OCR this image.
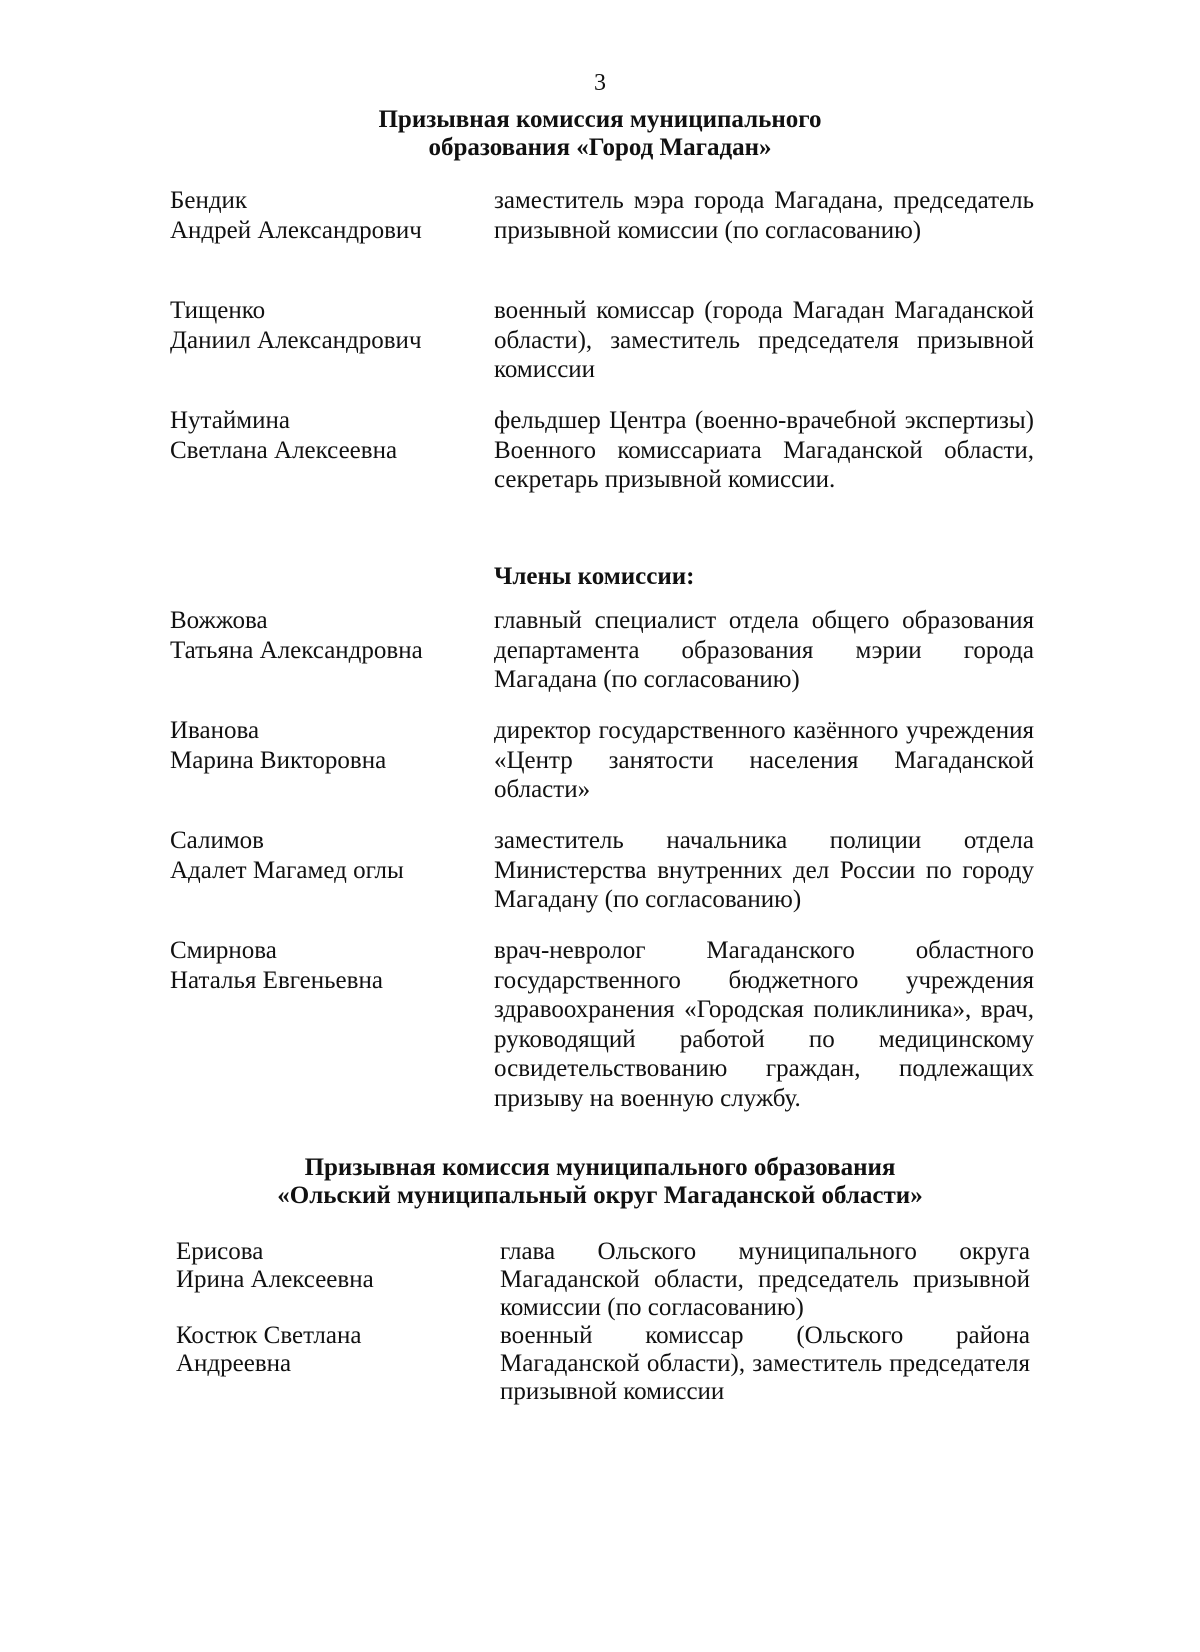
3
Призывная комиссия муниципального
образования «Город Магадан»
Бендик
Андрей Александрович
заместитель мэра города Магадана, председатель призывной комиссии (по согласованию)
Тищенко
Даниил Александрович
военный комиссар (города Магадан Магаданской области), заместитель председателя призывной комиссии
Нутаймина
Светлана Алексеевна
фельдшер Центра (военно-врачебной экспертизы) Военного комиссариата Магаданской области, секретарь призывной комиссии.
Члены комиссии:
Вожжова
Татьяна Александровна
главный специалист отдела общего образования департамента образования мэрии города Магадана (по согласованию)
Иванова
Марина Викторовна
директор государственного казённого учреждения «Центр занятости населения Магаданской области»
Салимов
Адалет Магамед оглы
заместитель начальника полиции отдела Министерства внутренних дел России по городу Магадану (по согласованию)
Смирнова
Наталья Евгеньевна
врач-невролог Магаданского областного государственного бюджетного учреждения здравоохранения «Городская поликлиника», врач, руководящий работой по медицинскому освидетельствованию граждан, подлежащих призыву на военную службу.
Призывная комиссия муниципального образования
«Ольский муниципальный округ Магаданской области»
Ерисова
Ирина Алексеевна
глава Ольского муниципального округа Магаданской области, председатель призывной комиссии (по согласованию)
Костюк Светлана
Андреевна
военный комиссар (Ольского района Магаданской области), заместитель председателя призывной комиссии
